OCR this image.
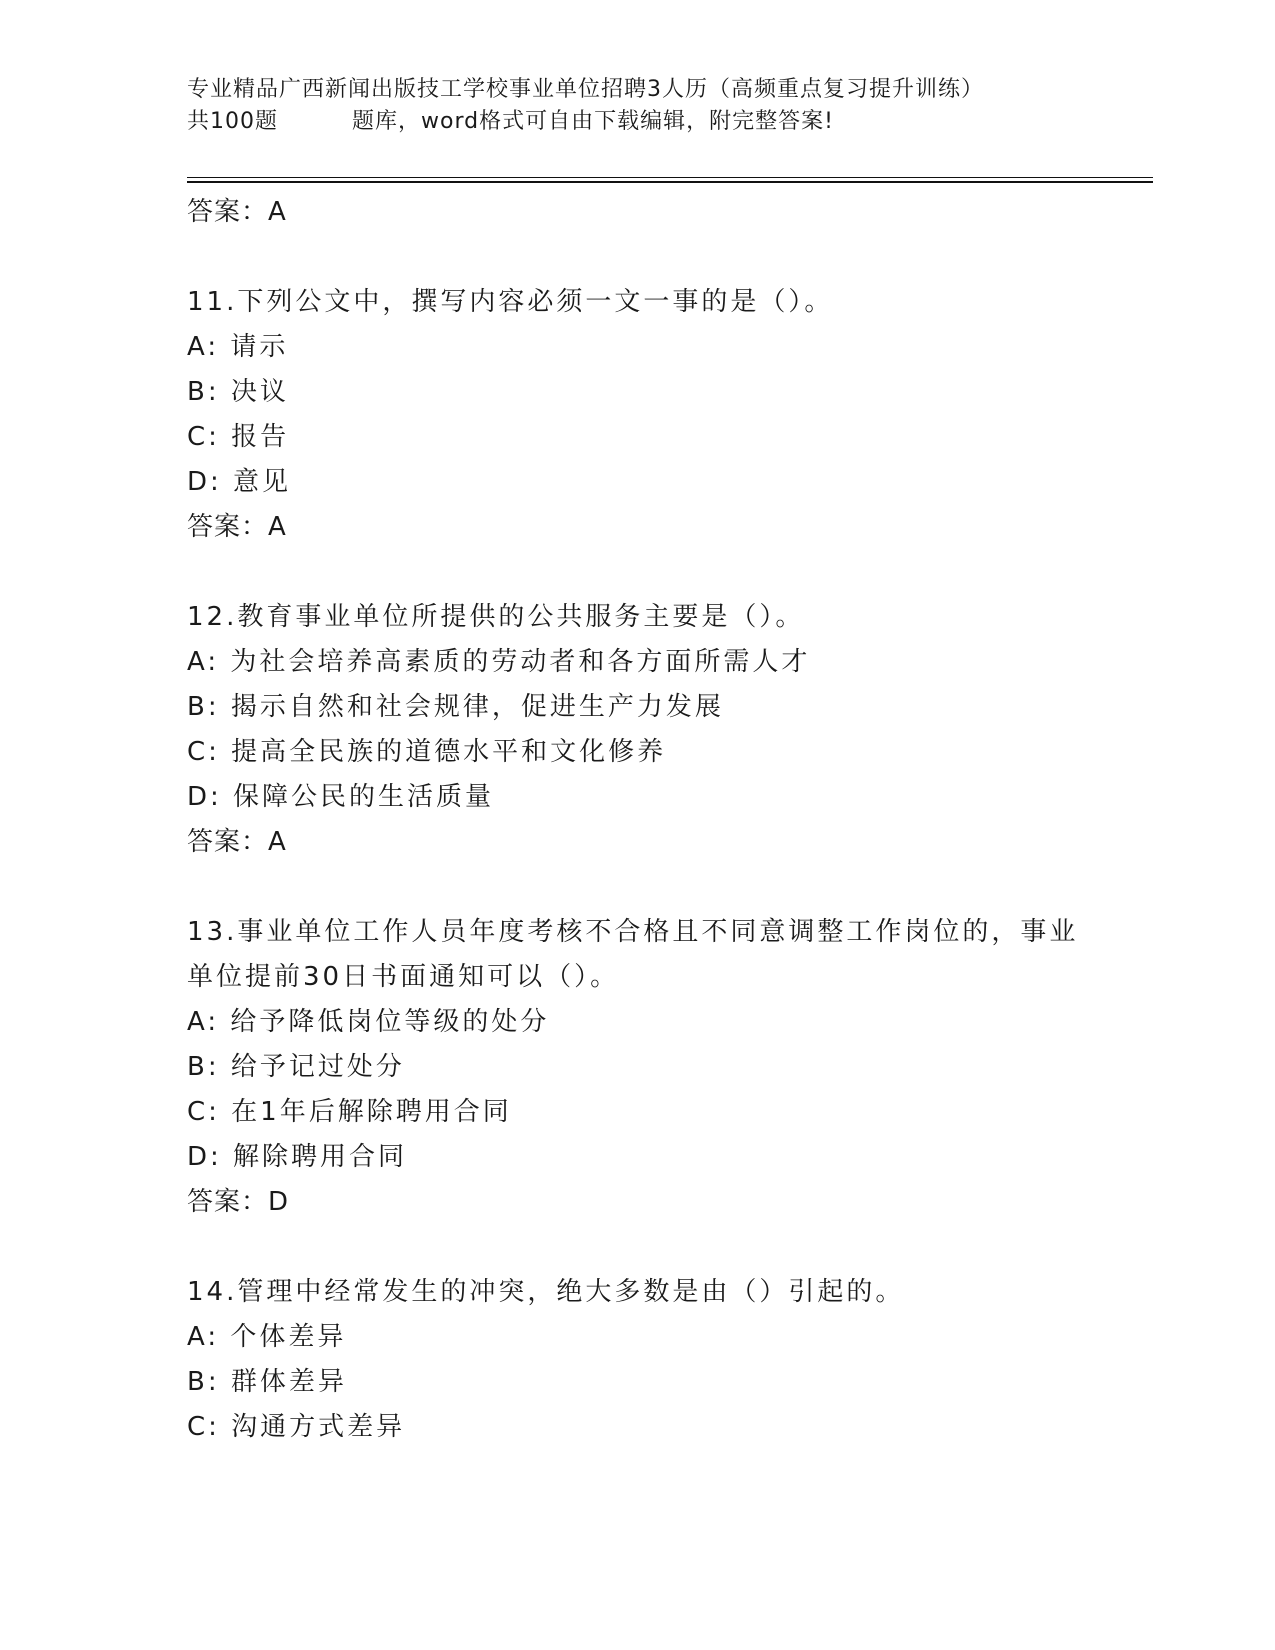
专业精品广西新闻出版技工学校事业单位招聘3人历（高频重点复习提升训练）
共100题	题库，word格式可自由下载编辑，附完整答案!
答案：A
11.下列公文中，撰写内容必须一文一事的是（）。
A: 请示
B: 决议
C: 报告
D: 意见
答案：A
12.教育事业单位所提供的公共服务主要是（）。
A: 为社会培养高素质的劳动者和各方面所需人才
B: 揭示自然和社会规律，促进生产力发展
C: 提高全民族的道德水平和文化修养
D: 保障公民的生活质量
答案：A
13.事业单位工作人员年度考核不合格且不同意调整工作岗位的，事业
单位提前30日书面通知可以（）。
A: 给予降低岗位等级的处分
B: 给予记过处分
C: 在1年后解除聘用合同
D: 解除聘用合同
答案：D
14.管理中经常发生的冲突，绝大多数是由（）引起的。
A: 个体差异
B: 群体差异
C: 沟通方式差异
